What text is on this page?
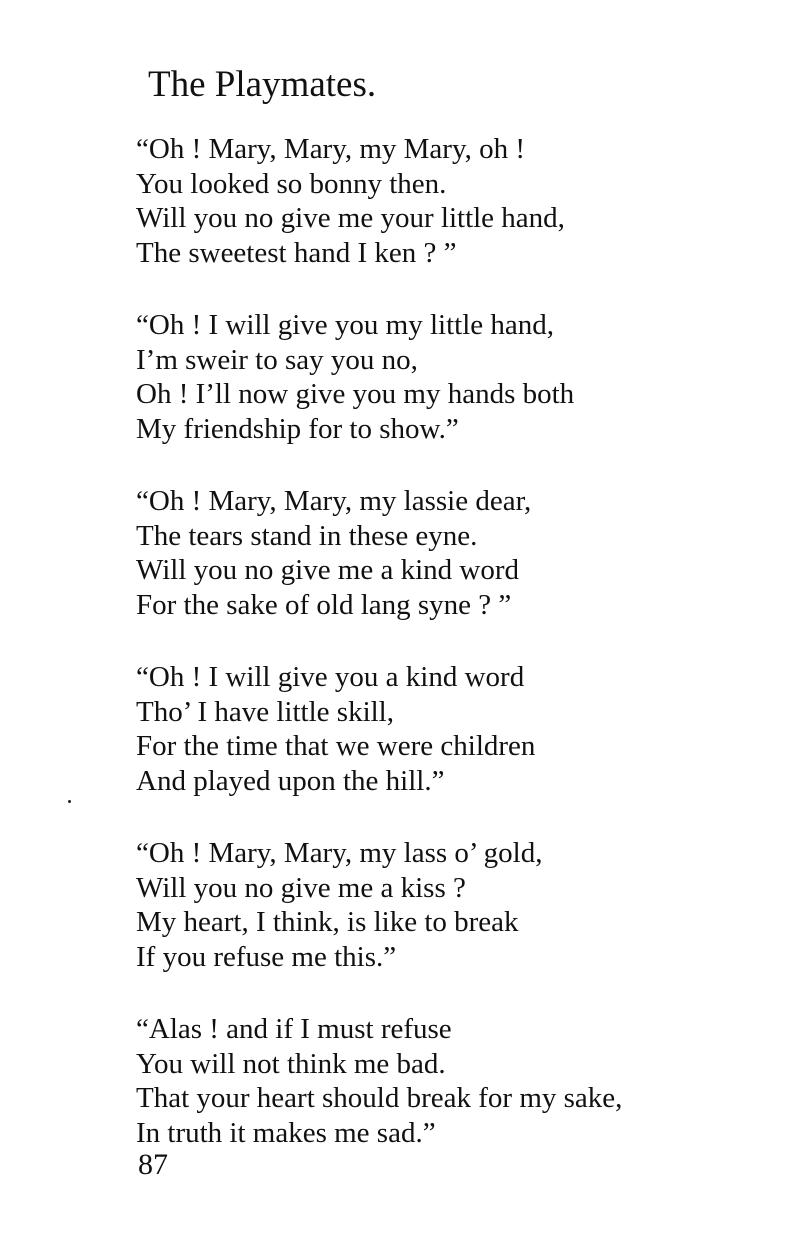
The Playmates.
“Oh ! Mary, Mary, my Mary, oh !
You looked so bonny then.
Will you no give me your little hand,
The sweetest hand I ken ? ”
“Oh ! I will give you my little hand,
I’m sweir to say you no,
Oh ! I’ll now give you my hands both
My friendship for to show.”
“Oh ! Mary, Mary, my lassie dear,
The tears stand in these eyne.
Will you no give me a kind word
For the sake of old lang syne ? ”
“Oh ! I will give you a kind word
Tho’ I have little skill,
For the time that we were children
And played upon the hill.”
“Oh ! Mary, Mary, my lass o’ gold,
Will you no give me a kiss ?
My heart, I think, is like to break
If you refuse me this.”
“Alas ! and if I must refuse
You will not think me bad.
That your heart should break for my sake,
In truth it makes me sad.”
87
